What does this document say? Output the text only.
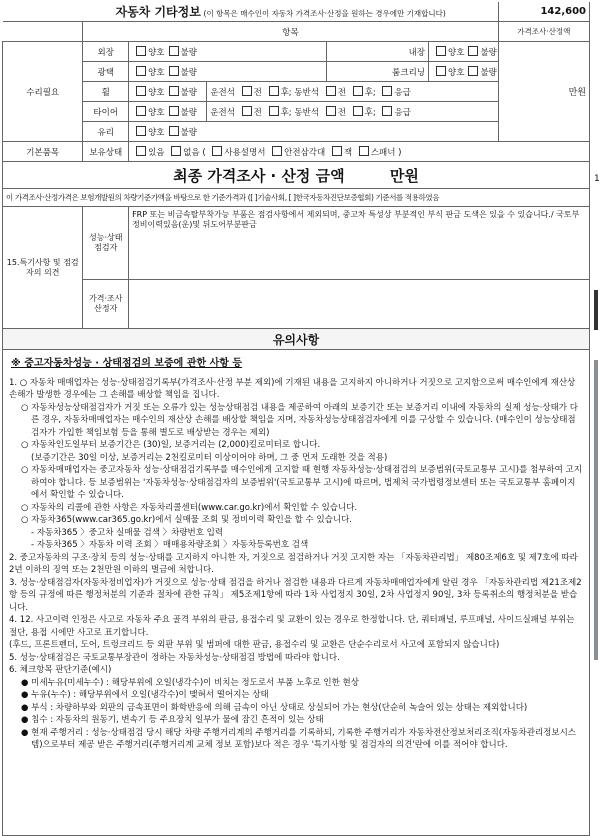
자동차 기타정보 (이 항목은 매수인이 자동차 가격조사·산정을 원하는 경우에만 기재합니다)						142,600
	항목					가격조사·산정액
수리필요	외장	양호 불량		내장	양호 불량	만원
	광택	양호 불량		룸크리닝	양호 불량	
	휠	양호 불량	운전석 전 후; 동반석 전 후; 응급			
	타이어	양호 불량	운전석 전 후; 동반석 전 후; 응급			
	유리	양호 불량				
기본품목	보유상태	있음 없음 ( 사용설명서 안전삼각대 잭 스패너 )				
최종 가격조사 · 산정 금액 만원						
이 가격조사·산정가격은 보험개발원의 차량기준가액을 바탕으로 한 기준가격과 ([ ]기술사회, [ ]한국자동차진단보증협회) 기준서를 적용하였음						
15.특기사항 및 점검자의 의견	성능·상태 점검자	FRP 또는 비금속탈부착가능 부품은 점검사항에서 제외되며, 중고차 특성상 부분적인 부식 판금 도색은 있을 수 있습니다./ 국토부정비이력있음(운)및 뒤도어부분판금				
	가격·조사 산정자					
유의사항						
※ 중고자동차성능 · 상태점검의 보증에 관한 사항 등
1. ○ 자동차 매매업자는 성능·상태점검기록부(가격조사·산정 부분 제외)에 기재된 내용을 고지하지 아니하거나 거짓으로 고지함으로써 매수인에게 재산상 손해가 발생한 경우에는 그 손해를 배상할 책임을 집니다.
○ 자동차성능상태점검자가 거짓 또는 오류가 있는 성능상태점검 내용을 제공하여 아래의 보증기간 또는 보증거리 이내에 자동차의 실제 성능·상태가 다른 경우, 자동차매매업자는 매수인의 재산상 손해를 배상할 책임을 지며, 자동차성능상태점검자에게 이를 구상할 수 있습니다. (매수인이 성능상태점검자가 가입한 책임보험 등을 통해 별도로 배상받는 경우는 제외)
○ 자동차인도일부터 보증기간은 (30)일, 보증거리는 (2,000)킬로미터로 합니다.
(보증기간은 30일 이상, 보증거리는 2천킬로미터 이상이어야 하며, 그 중 먼저 도래한 것을 적용)
○ 자동차매매업자는 중고자동차 성능·상태점검기록부를 매수인에게 고지할 때 현행 자동차성능·상태점검의 보증범위(국토교통부 고시)를 첨부하여 고지하여야 합니다. 등 보증범위는 '자동차성능·상태점검자의 보증범위'(국토교통부 고시)에 따르며, 법제처 국가법령정보센터 또는 국토교통부 홈페이지에서 확인할 수 있습니다.
○ 자동차의 리콜에 관한 사항은 자동차리콜센터(www.car.go.kr)에서 확인할 수 있습니다.
○ 자동차365(www.car365.go.kr)에서 실매물 조회 및 정비이력 확인을 할 수 있습니다.
- 자동차365 〉중고차 실매물 검색 〉차량번호 입력
- 자동차365 〉자동차 이력 조회 〉매매용차량조회 〉자동차등록번호 검색
2. 중고자동차의 구조·장치 등의 성능·상태를 고지하지 아니한 자, 거짓으로 점검하거나 거짓 고지한 자는 「자동차관리법」 제80조제6호 및 제7호에 따라 2년 이하의 징역 또는 2천만원 이하의 벌금에 처합니다.
3. 성능·상태점검자(자동차정비업자)가 거짓으로 성능·상태 점검을 하거나 점검한 내용과 다르게 자동차매매업자에게 알린 경우 「자동차관리법 제21조제2항 등의 규정에 따른 행정처분의 기준과 절차에 관한 규칙」 제5조제1항에 따라 1차 사업정지 30일, 2차 사업정지 90일, 3차 등록취소의 행정처분을 받습니다.
4. 12. 사고이력 인정은 사고로 자동차 주요 골격 부위의 판금, 용접수리 및 교환이 있는 경우로 한정합니다. 단, 쿼터패널, 루프패널, 사이드실패널 부위는 절단, 용접 시에만 사고로 표기합니다.
(후드, 프론트펜더, 도어, 트렁크리드 등 외판 부위 및 범퍼에 대한 판금, 용접수리 및 교환은 단순수리로서 사고에 포함되지 않습니다)
5. 성능·상태점검은 국토교통부장관이 정하는 자동차성능·상태점검 방법에 따라야 합니다.
6. 체크항목 판단기준(예시)
● 미세누유(미세누수) : 해당부위에 오일(냉각수)이 비치는 정도로서 부품 노후로 인한 현상
● 누유(누수) : 해당부위에서 오일(냉각수)이 맺혀서 떨어지는 상태
● 부식 : 차량하부와 외판의 금속표면이 화학반응에 의해 금속이 아닌 상태로 상실되어 가는 현상(단순히 녹슬어 있는 상태는 제외합니다)
● 침수 : 자동차의 원동기, 변속기 등 주요장치 일부가 물에 잠긴 흔적이 있는 상태
● 현재 주행거리 : 성능·상태점검 당시 해당 차량 주행거리계의 주행거리를 기록하되, 기록한 주행거리가 자동차전산정보처리조직(자동차관리정보시스템)으로부터 제공 받은 주행거리(주행거리계 교체 정보 포함)보다 적은 경우 '특기사항 및 점검자의 의견'란에 이를 적어야 합니다.
1
